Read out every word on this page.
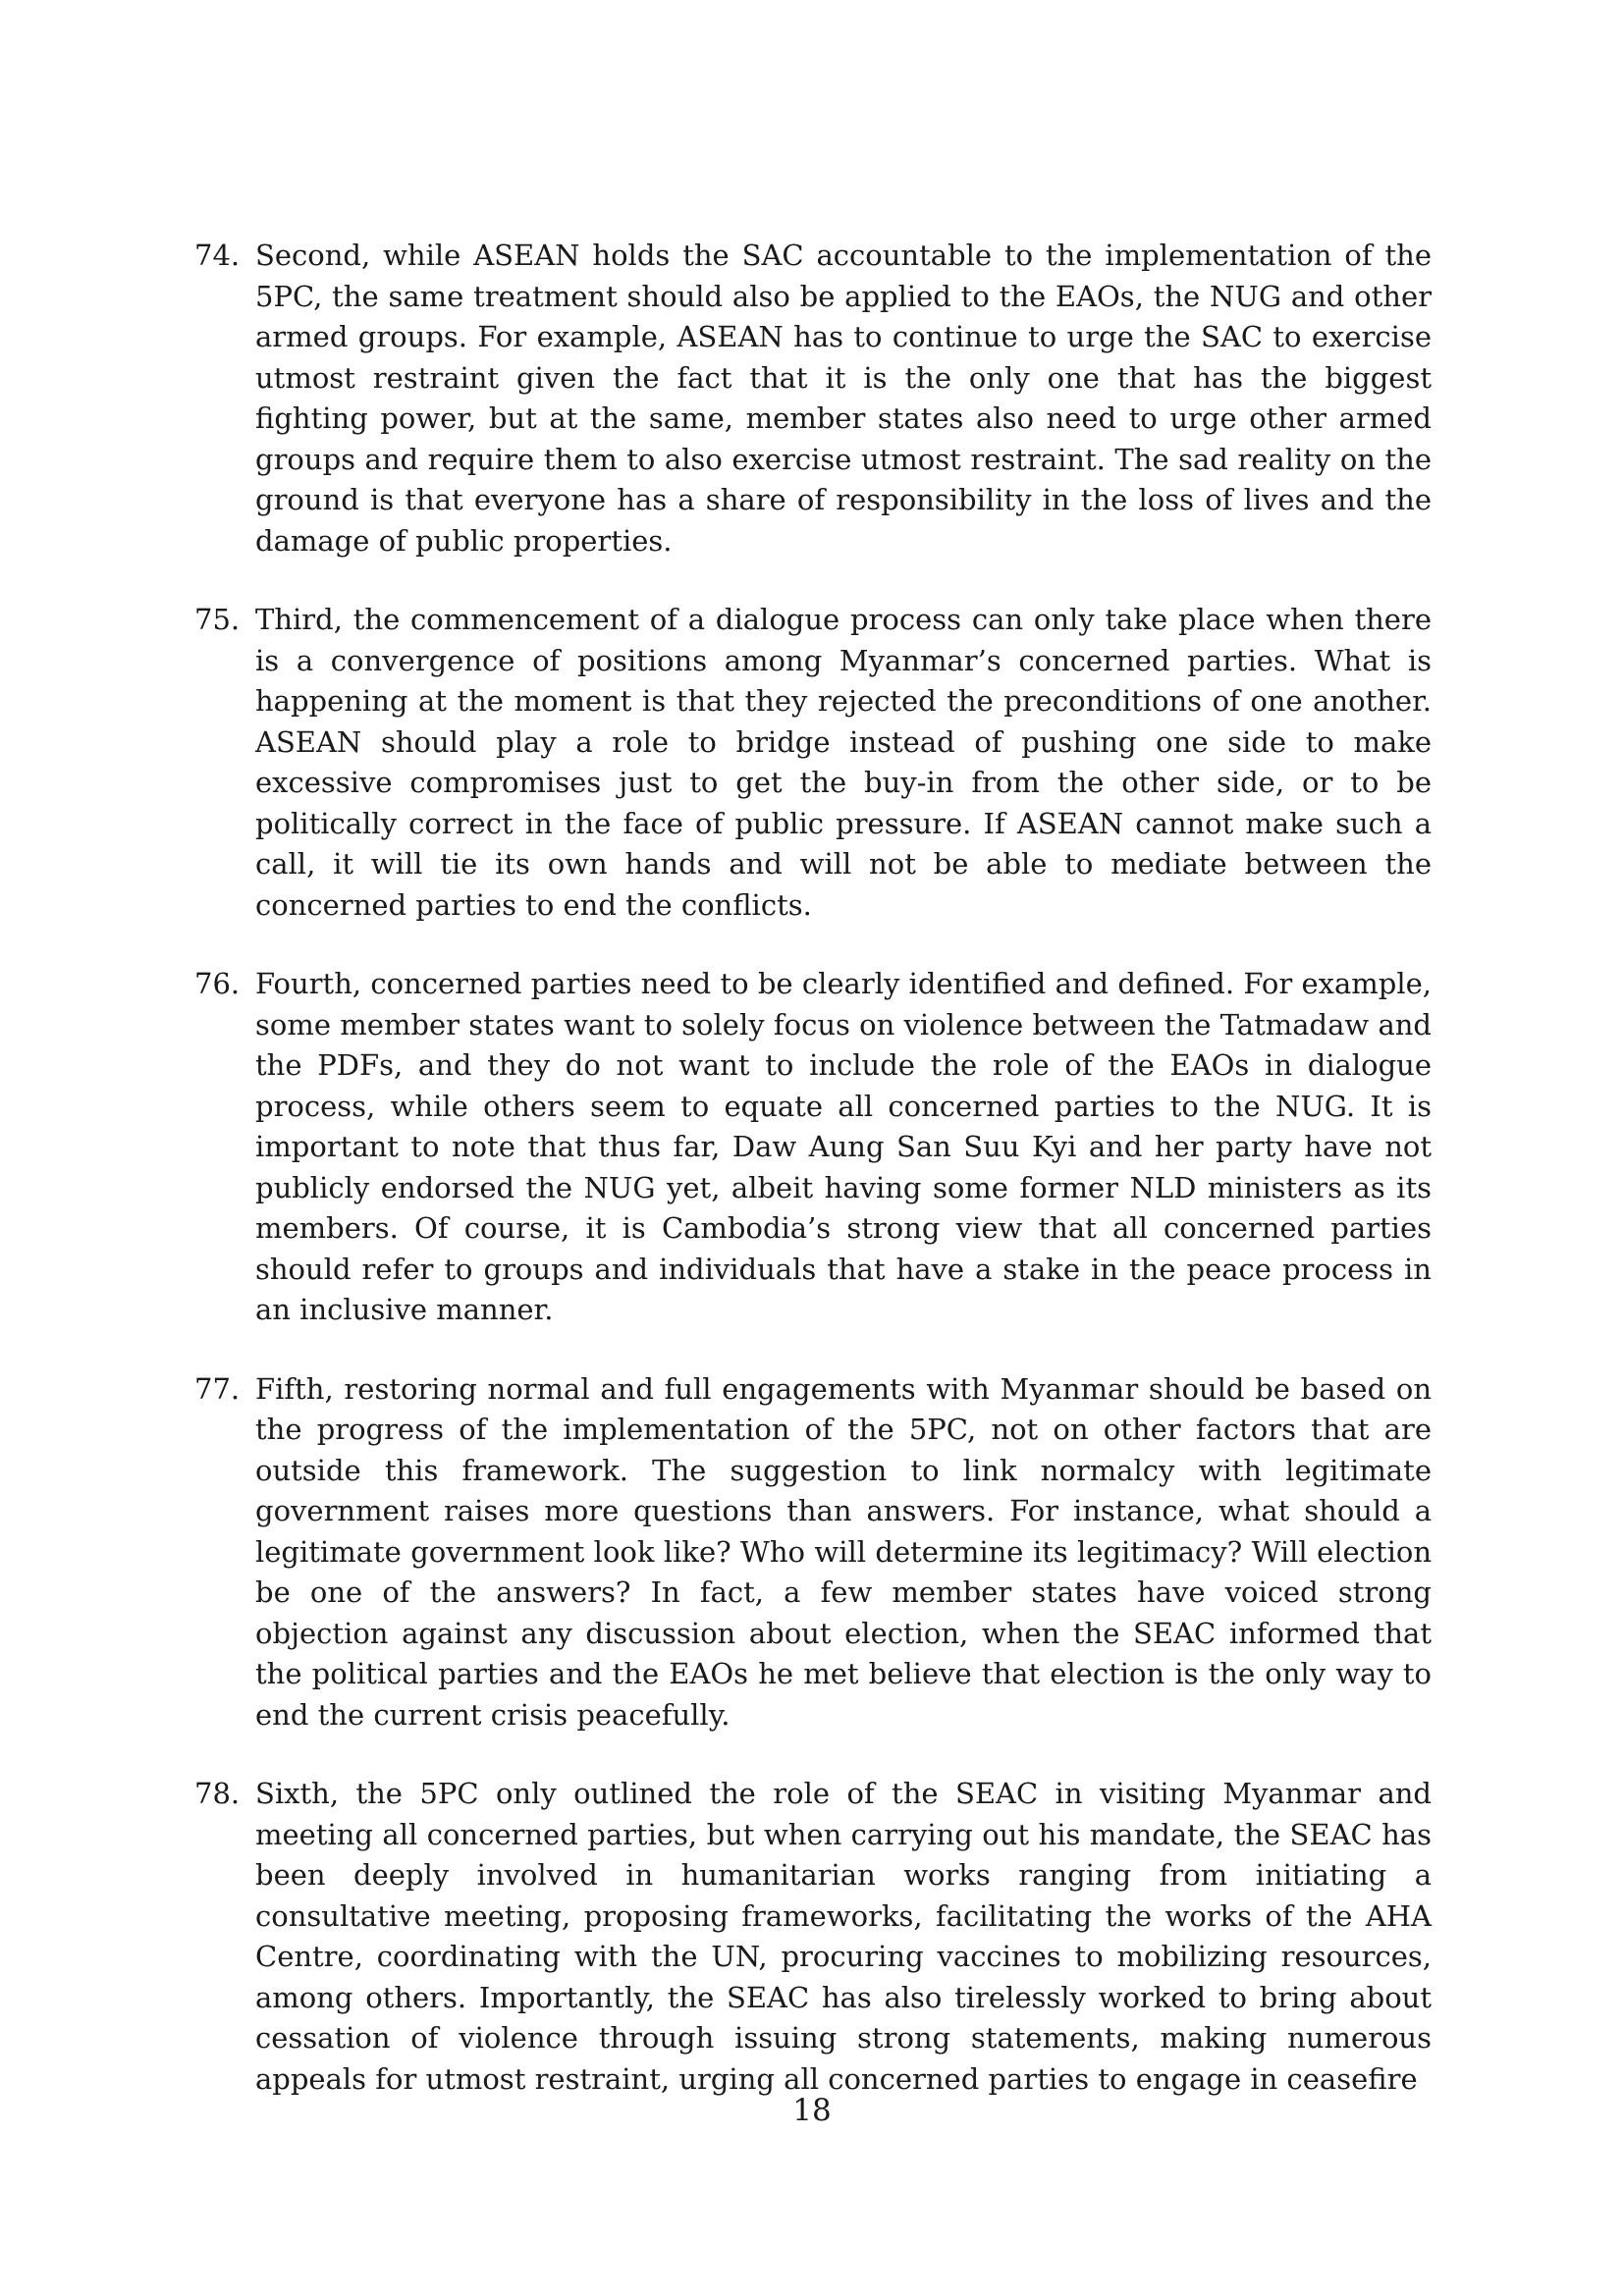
74. Second, while ASEAN holds the SAC accountable to the implementation of the 5PC, the same treatment should also be applied to the EAOs, the NUG and other armed groups. For example, ASEAN has to continue to urge the SAC to exercise utmost restraint given the fact that it is the only one that has the biggest fighting power, but at the same, member states also need to urge other armed groups and require them to also exercise utmost restraint. The sad reality on the ground is that everyone has a share of responsibility in the loss of lives and the damage of public properties.

75. Third, the commencement of a dialogue process can only take place when there is a convergence of positions among Myanmar’s concerned parties. What is happening at the moment is that they rejected the preconditions of one another. ASEAN should play a role to bridge instead of pushing one side to make excessive compromises just to get the buy-in from the other side, or to be politically correct in the face of public pressure. If ASEAN cannot make such a call, it will tie its own hands and will not be able to mediate between the concerned parties to end the conflicts.

76. Fourth, concerned parties need to be clearly identified and defined. For example, some member states want to solely focus on violence between the Tatmadaw and the PDFs, and they do not want to include the role of the EAOs in dialogue process, while others seem to equate all concerned parties to the NUG. It is important to note that thus far, Daw Aung San Suu Kyi and her party have not publicly endorsed the NUG yet, albeit having some former NLD ministers as its members. Of course, it is Cambodia’s strong view that all concerned parties should refer to groups and individuals that have a stake in the peace process in an inclusive manner.

77. Fifth, restoring normal and full engagements with Myanmar should be based on the progress of the implementation of the 5PC, not on other factors that are outside this framework. The suggestion to link normalcy with legitimate government raises more questions than answers. For instance, what should a legitimate government look like? Who will determine its legitimacy? Will election be one of the answers? In fact, a few member states have voiced strong objection against any discussion about election, when the SEAC informed that the political parties and the EAOs he met believe that election is the only way to end the current crisis peacefully.

78. Sixth, the 5PC only outlined the role of the SEAC in visiting Myanmar and meeting all concerned parties, but when carrying out his mandate, the SEAC has been deeply involved in humanitarian works ranging from initiating a consultative meeting, proposing frameworks, facilitating the works of the AHA Centre, coordinating with the UN, procuring vaccines to mobilizing resources, among others. Importantly, the SEAC has also tirelessly worked to bring about cessation of violence through issuing strong statements, making numerous appeals for utmost restraint, urging all concerned parties to engage in ceasefire

18
